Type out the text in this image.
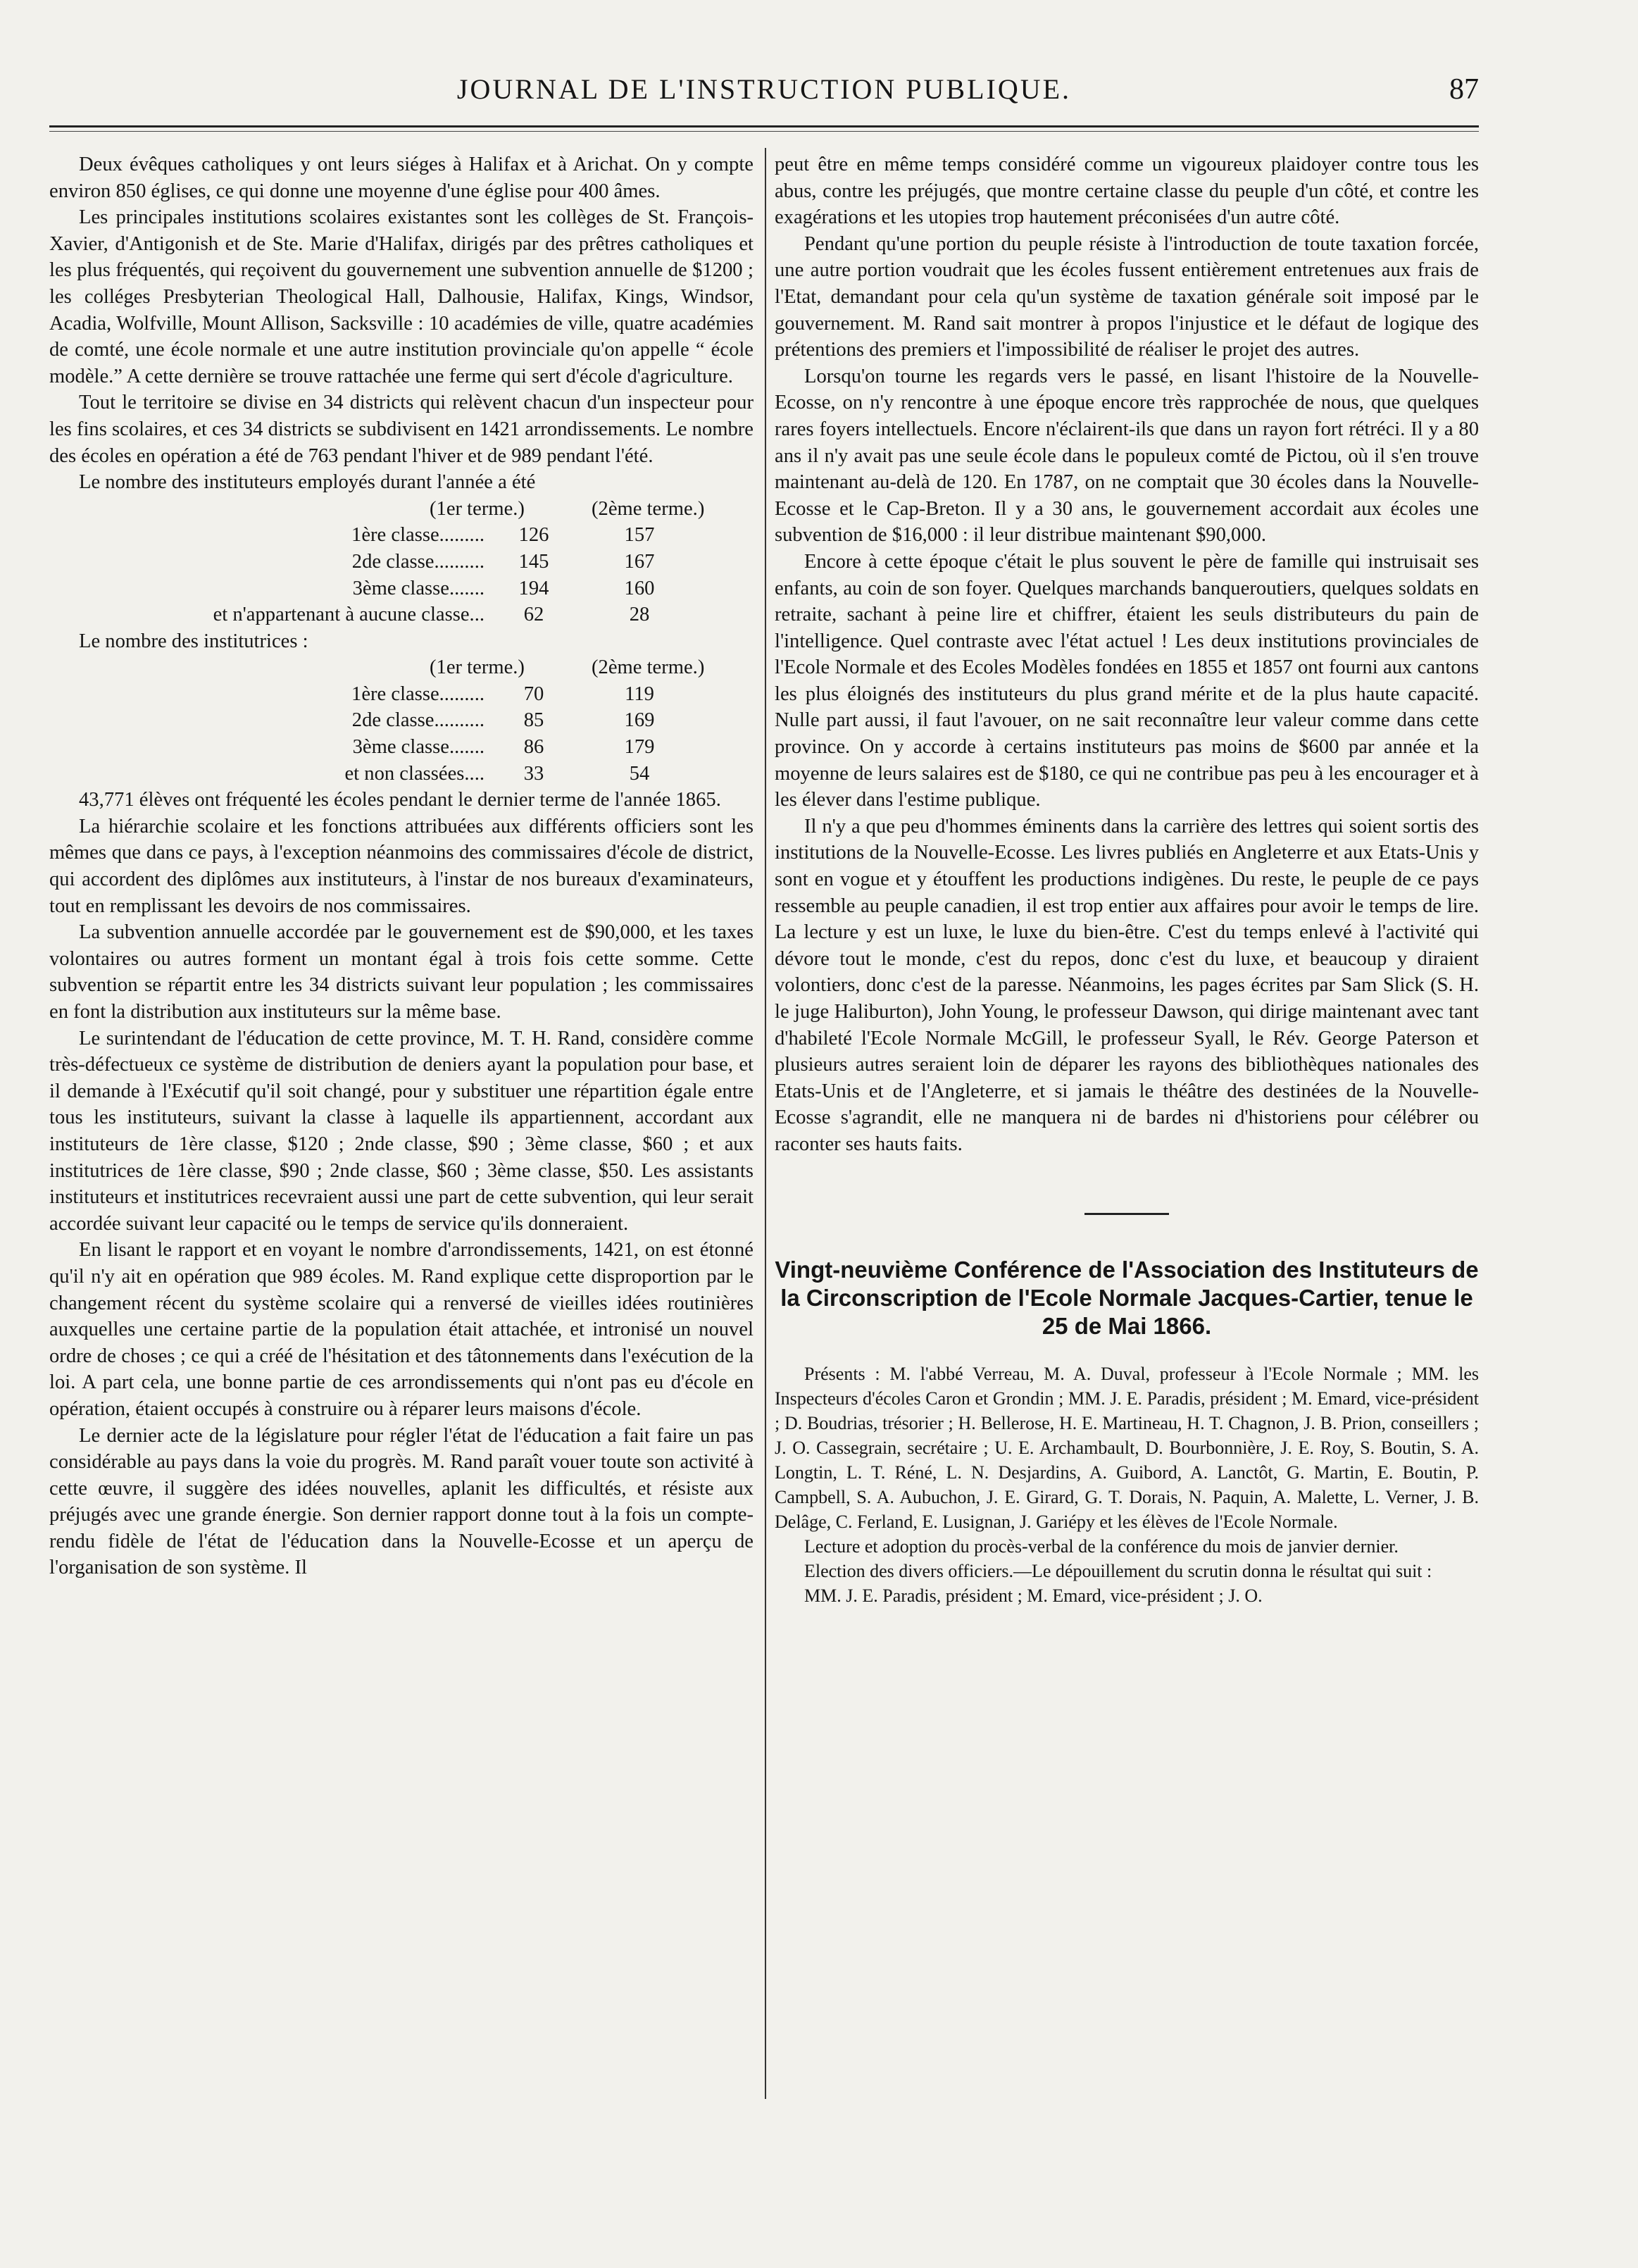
JOURNAL DE L'INSTRUCTION PUBLIQUE.	87

Deux évêques catholiques y ont leurs siéges à Halifax et à Arichat. On y compte environ 850 églises, ce qui donne une moyenne d'une église pour 400 âmes.

Les principales institutions scolaires existantes sont les collèges de St. François-Xavier, d'Antigonish et de Ste. Marie d'Halifax, dirigés par des prêtres catholiques et les plus fréquentés, qui reçoivent du gouvernement une subvention annuelle de $1200 ; les colléges Presbyterian Theological Hall, Dalhousie, Halifax, Kings, Windsor, Acadia, Wolfville, Mount Allison, Sacksville : 10 académies de ville, quatre académies de comté, une école normale et une autre institution provinciale qu'on appelle “ école modèle.” A cette dernière se trouve rattachée une ferme qui sert d'école d'agriculture.

Tout le territoire se divise en 34 districts qui relèvent chacun d'un inspecteur pour les fins scolaires, et ces 34 districts se subdivisent en 1421 arrondissements. Le nombre des écoles en opération a été de 763 pendant l'hiver et de 989 pendant l'été.

Le nombre des instituteurs employés durant l'année a été

(1er terme.)	(2ème terme.)
1ère classe.........	126	157
2de classe..........	145	167
3ème classe.......	194	160
et n'appartenant à aucune classe...	62	28

Le nombre des institutrices :

(1er terme.)	(2ème terme.)
1ère classe.........	70	119
2de classe..........	85	169
3ème classe.......	86	179
et non classées....	33	54

43,771 élèves ont fréquenté les écoles pendant le dernier terme de l'année 1865.

La hiérarchie scolaire et les fonctions attribuées aux différents officiers sont les mêmes que dans ce pays, à l'exception néanmoins des commissaires d'école de district, qui accordent des diplômes aux instituteurs, à l'instar de nos bureaux d'examinateurs, tout en remplissant les devoirs de nos commissaires.

La subvention annuelle accordée par le gouvernement est de $90,000, et les taxes volontaires ou autres forment un montant égal à trois fois cette somme. Cette subvention se répartit entre les 34 districts suivant leur population ; les commissaires en font la distribution aux instituteurs sur la même base.

Le surintendant de l'éducation de cette province, M. T. H. Rand, considère comme très-défectueux ce système de distribution de deniers ayant la population pour base, et il demande à l'Exécutif qu'il soit changé, pour y substituer une répartition égale entre tous les instituteurs, suivant la classe à laquelle ils appartiennent, accordant aux instituteurs de 1ère classe, $120 ; 2nde classe, $90 ; 3ème classe, $60 ; et aux institutrices de 1ère classe, $90 ; 2nde classe, $60 ; 3ème classe, $50. Les assistants instituteurs et institutrices recevraient aussi une part de cette subvention, qui leur serait accordée suivant leur capacité ou le temps de service qu'ils donneraient.

En lisant le rapport et en voyant le nombre d'arrondissements, 1421, on est étonné qu'il n'y ait en opération que 989 écoles. M. Rand explique cette disproportion par le changement récent du système scolaire qui a renversé de vieilles idées routinières auxquelles une certaine partie de la population était attachée, et intronisé un nouvel ordre de choses ; ce qui a créé de l'hésitation et des tâtonnements dans l'exécution de la loi. A part cela, une bonne partie de ces arrondissements qui n'ont pas eu d'école en opération, étaient occupés à construire ou à réparer leurs maisons d'école.

Le dernier acte de la législature pour régler l'état de l'éducation a fait faire un pas considérable au pays dans la voie du progrès. M. Rand paraît vouer toute son activité à cette œuvre, il suggère des idées nouvelles, aplanit les difficultés, et résiste aux préjugés avec une grande énergie. Son dernier rapport donne tout à la fois un compte-rendu fidèle de l'état de l'éducation dans la Nouvelle-Ecosse et un aperçu de l'organisation de son système. Il

peut être en même temps considéré comme un vigoureux plaidoyer contre tous les abus, contre les préjugés, que montre certaine classe du peuple d'un côté, et contre les exagérations et les utopies trop hautement préconisées d'un autre côté.

Pendant qu'une portion du peuple résiste à l'introduction de toute taxation forcée, une autre portion voudrait que les écoles fussent entièrement entretenues aux frais de l'Etat, demandant pour cela qu'un système de taxation générale soit imposé par le gouvernement. M. Rand sait montrer à propos l'injustice et le défaut de logique des prétentions des premiers et l'impossibilité de réaliser le projet des autres.

Lorsqu'on tourne les regards vers le passé, en lisant l'histoire de la Nouvelle-Ecosse, on n'y rencontre à une époque encore très rapprochée de nous, que quelques rares foyers intellectuels. Encore n'éclairent-ils que dans un rayon fort rétréci. Il y a 80 ans il n'y avait pas une seule école dans le populeux comté de Pictou, où il s'en trouve maintenant au-delà de 120. En 1787, on ne comptait que 30 écoles dans la Nouvelle-Ecosse et le Cap-Breton. Il y a 30 ans, le gouvernement accordait aux écoles une subvention de $16,000 : il leur distribue maintenant $90,000.

Encore à cette époque c'était le plus souvent le père de famille qui instruisait ses enfants, au coin de son foyer. Quelques marchands banqueroutiers, quelques soldats en retraite, sachant à peine lire et chiffrer, étaient les seuls distributeurs du pain de l'intelligence. Quel contraste avec l'état actuel ! Les deux institutions provinciales de l'Ecole Normale et des Ecoles Modèles fondées en 1855 et 1857 ont fourni aux cantons les plus éloignés des instituteurs du plus grand mérite et de la plus haute capacité. Nulle part aussi, il faut l'avouer, on ne sait reconnaître leur valeur comme dans cette province. On y accorde à certains instituteurs pas moins de $600 par année et la moyenne de leurs salaires est de $180, ce qui ne contribue pas peu à les encourager et à les élever dans l'estime publique.

Il n'y a que peu d'hommes éminents dans la carrière des lettres qui soient sortis des institutions de la Nouvelle-Ecosse. Les livres publiés en Angleterre et aux Etats-Unis y sont en vogue et y étouffent les productions indigènes. Du reste, le peuple de ce pays ressemble au peuple canadien, il est trop entier aux affaires pour avoir le temps de lire. La lecture y est un luxe, le luxe du bien-être. C'est du temps enlevé à l'activité qui dévore tout le monde, c'est du repos, donc c'est du luxe, et beaucoup y diraient volontiers, donc c'est de la paresse. Néanmoins, les pages écrites par Sam Slick (S. H. le juge Haliburton), John Young, le professeur Dawson, qui dirige maintenant avec tant d'habileté l'Ecole Normale McGill, le professeur Syall, le Rév. George Paterson et plusieurs autres seraient loin de déparer les rayons des bibliothèques nationales des Etats-Unis et de l'Angleterre, et si jamais le théâtre des destinées de la Nouvelle-Ecosse s'agrandit, elle ne manquera ni de bardes ni d'historiens pour célébrer ou raconter ses hauts faits.

Vingt-neuvième Conférence de l'Association des Instituteurs de la Circonscription de l'Ecole Normale Jacques-Cartier, tenue le 25 de Mai 1866.

Présents : M. l'abbé Verreau, M. A. Duval, professeur à l'Ecole Normale ; MM. les Inspecteurs d'écoles Caron et Grondin ; MM. J. E. Paradis, président ; M. Emard, vice-président ; D. Boudrias, trésorier ; H. Bellerose, H. E. Martineau, H. T. Chagnon, J. B. Prion, conseillers ; J. O. Cassegrain, secrétaire ; U. E. Archambault, D. Bourbonnière, J. E. Roy, S. Boutin, S. A. Longtin, L. T. Réné, L. N. Desjardins, A. Guibord, A. Lanctôt, G. Martin, E. Boutin, P. Campbell, S. A. Aubuchon, J. E. Girard, G. T. Dorais, N. Paquin, A. Malette, L. Verner, J. B. Delâge, C. Ferland, E. Lusignan, J. Gariépy et les élèves de l'Ecole Normale.

Lecture et adoption du procès-verbal de la conférence du mois de janvier dernier.

Election des divers officiers.—Le dépouillement du scrutin donna le résultat qui suit :

MM. J. E. Paradis, président ; M. Emard, vice-président ; J. O.
